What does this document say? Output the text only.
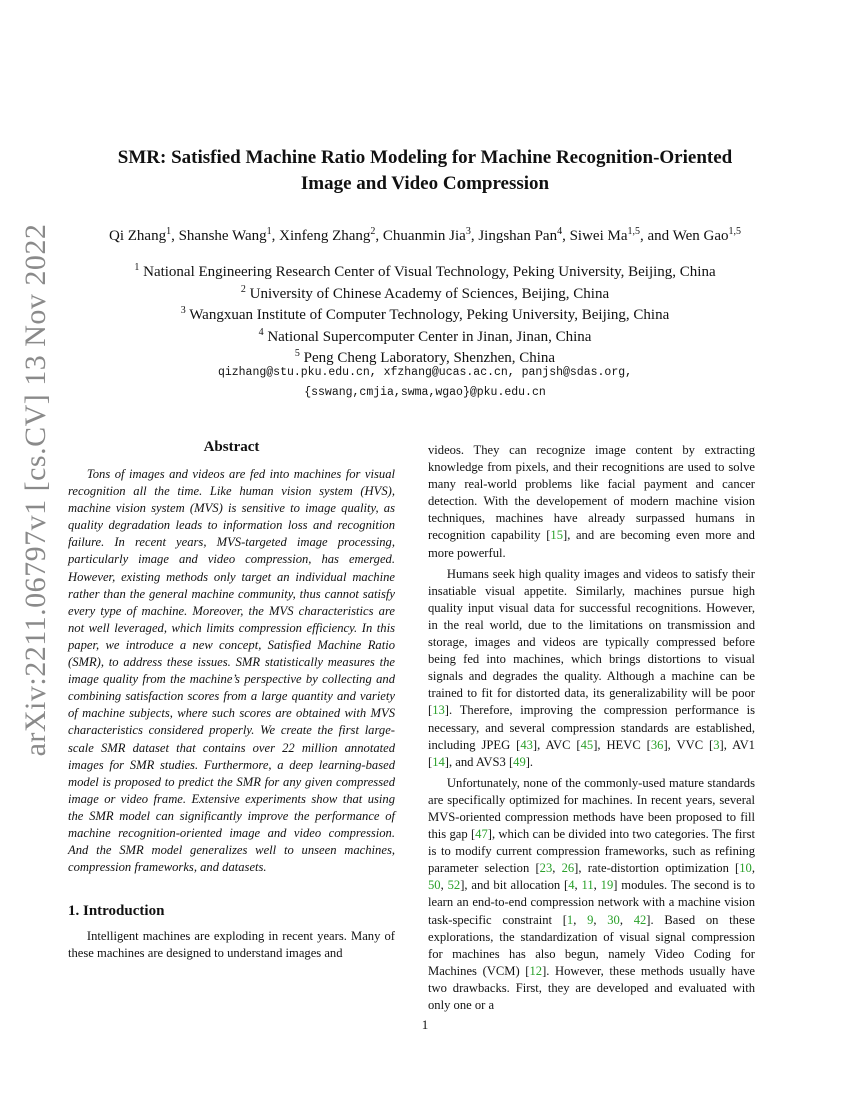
arXiv:2211.06797v1 [cs.CV] 13 Nov 2022
SMR: Satisfied Machine Ratio Modeling for Machine Recognition-Oriented
Image and Video Compression
Qi Zhang$^1$, Shanshe Wang$^1$, Xinfeng Zhang$^2$, Chuanmin Jia$^3$, Jingshan Pan$^4$, Siwei Ma$^{1,5}$, and Wen Gao$^{1,5}$
$^1$ National Engineering Research Center of Visual Technology, Peking University, Beijing, China
$^2$ University of Chinese Academy of Sciences, Beijing, China
$^3$ Wangxuan Institute of Computer Technology, Peking University, Beijing, China
$^4$ National Supercomputer Center in Jinan, Jinan, China
$^5$ Peng Cheng Laboratory, Shenzhen, China
qizhang@stu.pku.edu.cn, xfzhang@ucas.ac.cn, panjsh@sdas.org,
{sswang,cmjia,swma,wgao}@pku.edu.cn
Abstract

Tons of images and videos are fed into machines for visual recognition all the time. Like human vision system (HVS), machine vision system (MVS) is sensitive to image quality, as quality degradation leads to information loss and recognition failure. In recent years, MVS-targeted image processing, particularly image and video compression, has emerged. However, existing methods only target an individual machine rather than the general machine community, thus cannot satisfy every type of machine. Moreover, the MVS characteristics are not well leveraged, which limits compression efficiency. In this paper, we introduce a new concept, Satisfied Machine Ratio (SMR), to address these issues. SMR statistically measures the image quality from the machine’s perspective by collecting and combining satisfaction scores from a large quantity and variety of machine subjects, where such scores are obtained with MVS characteristics considered properly. We create the first large-scale SMR dataset that contains over 22 million annotated images for SMR studies. Furthermore, a deep learning-based model is proposed to predict the SMR for any given compressed image or video frame. Extensive experiments show that using the SMR model can significantly improve the performance of machine recognition-oriented image and video compression. And the SMR model generalizes well to unseen machines, compression frameworks, and datasets.

1. Introduction

Intelligent machines are exploding in recent years. Many of these machines are designed to understand images and

videos. They can recognize image content by extracting knowledge from pixels, and their recognitions are used to solve many real-world problems like facial payment and cancer detection. With the developement of modern machine vision techniques, machines have already surpassed humans in recognition capability [15], and are becoming even more and more powerful.

Humans seek high quality images and videos to satisfy their insatiable visual appetite. Similarly, machines pursue high quality input visual data for successful recognitions. However, in the real world, due to the limitations on transmission and storage, images and videos are typically compressed before being fed into machines, which brings distortions to visual signals and degrades the quality. Although a machine can be trained to fit for distorted data, its generalizability will be poor [13]. Therefore, improving the compression performance is necessary, and several compression standards are established, including JPEG [43], AVC [45], HEVC [36], VVC [3], AV1 [14], and AVS3 [49].

Unfortunately, none of the commonly-used mature standards are specifically optimized for machines. In recent years, several MVS-oriented compression methods have been proposed to fill this gap [47], which can be divided into two categories. The first is to modify current compression frameworks, such as refining parameter selection [23, 26], rate-distortion optimization [10, 50, 52], and bit allocation [4, 11, 19] modules. The second is to learn an end-to-end compression network with a machine vision task-specific constraint [1, 9, 30, 42]. Based on these explorations, the standardization of visual signal compression for machines has also begun, namely Video Coding for Machines (VCM) [12]. However, these methods usually have two drawbacks. First, they are developed and evaluated with only one or a

1
